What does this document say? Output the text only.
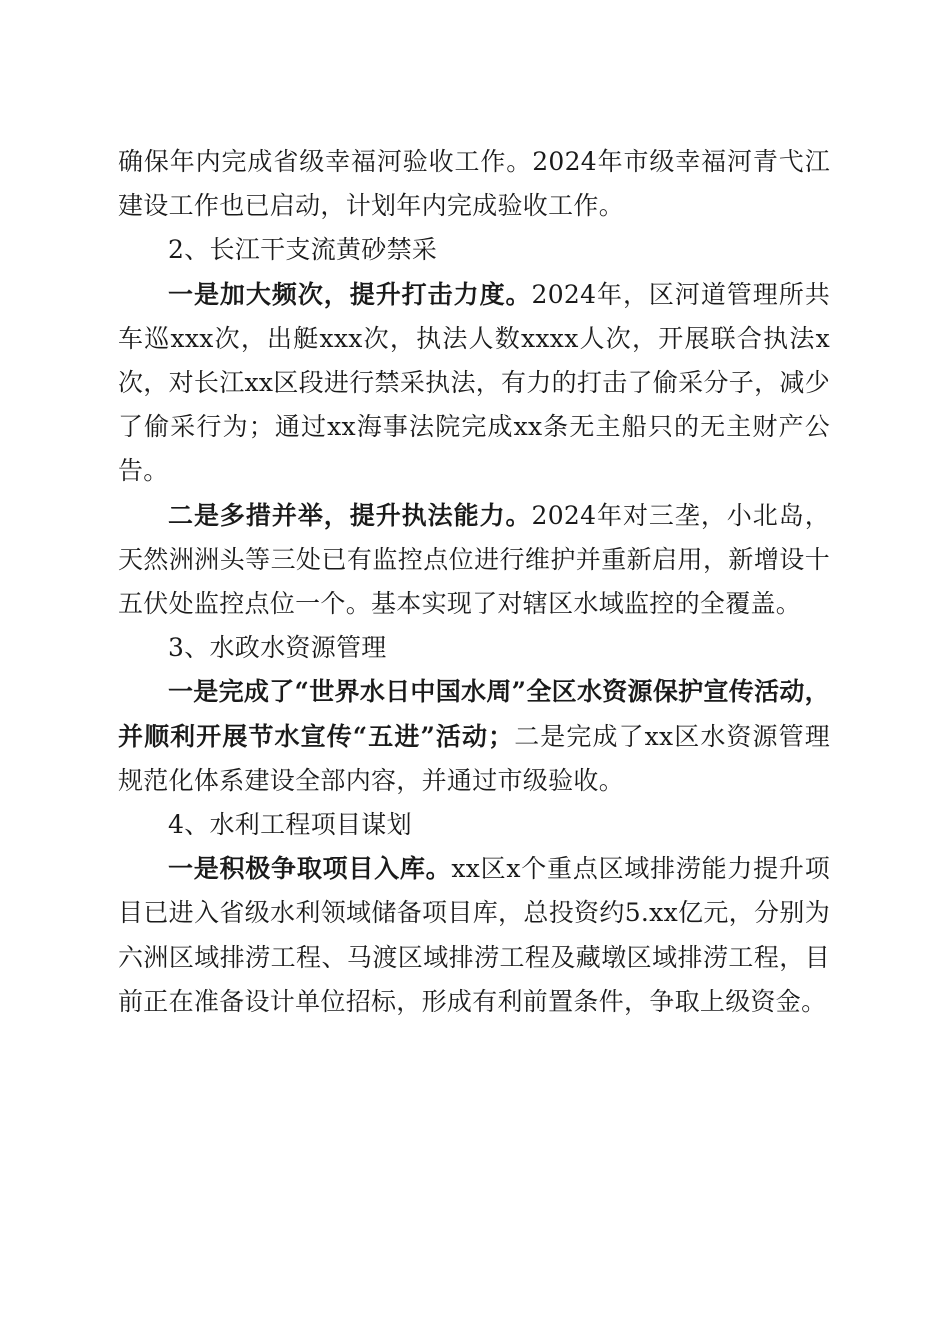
确保年内完成省级幸福河验收工作。2024年市级幸福河青弋江建设工作也已启动，计划年内完成验收工作。

2、长江干支流黄砂禁采

一是加大频次，提升打击力度。2024年，区河道管理所共车巡xxx次，出艇xxx次，执法人数xxxx人次，开展联合执法x次，对长江xx区段进行禁采执法，有力的打击了偷采分子，减少了偷采行为；通过xx海事法院完成xx条无主船只的无主财产公告。

二是多措并举，提升执法能力。2024年对三垄，小北岛，天然洲洲头等三处已有监控点位进行维护并重新启用，新增设十五伏处监控点位一个。基本实现了对辖区水域监控的全覆盖。

3、水政水资源管理

一是完成了“世界水日中国水周”全区水资源保护宣传活动，并顺利开展节水宣传“五进”活动；二是完成了xx区水资源管理规范化体系建设全部内容，并通过市级验收。

4、水利工程项目谋划

一是积极争取项目入库。xx区x个重点区域排涝能力提升项目已进入省级水利领域储备项目库，总投资约5.xx亿元，分别为六洲区域排涝工程、马渡区域排涝工程及藏墩区域排涝工程，目前正在准备设计单位招标，形成有利前置条件，争取上级资金。
